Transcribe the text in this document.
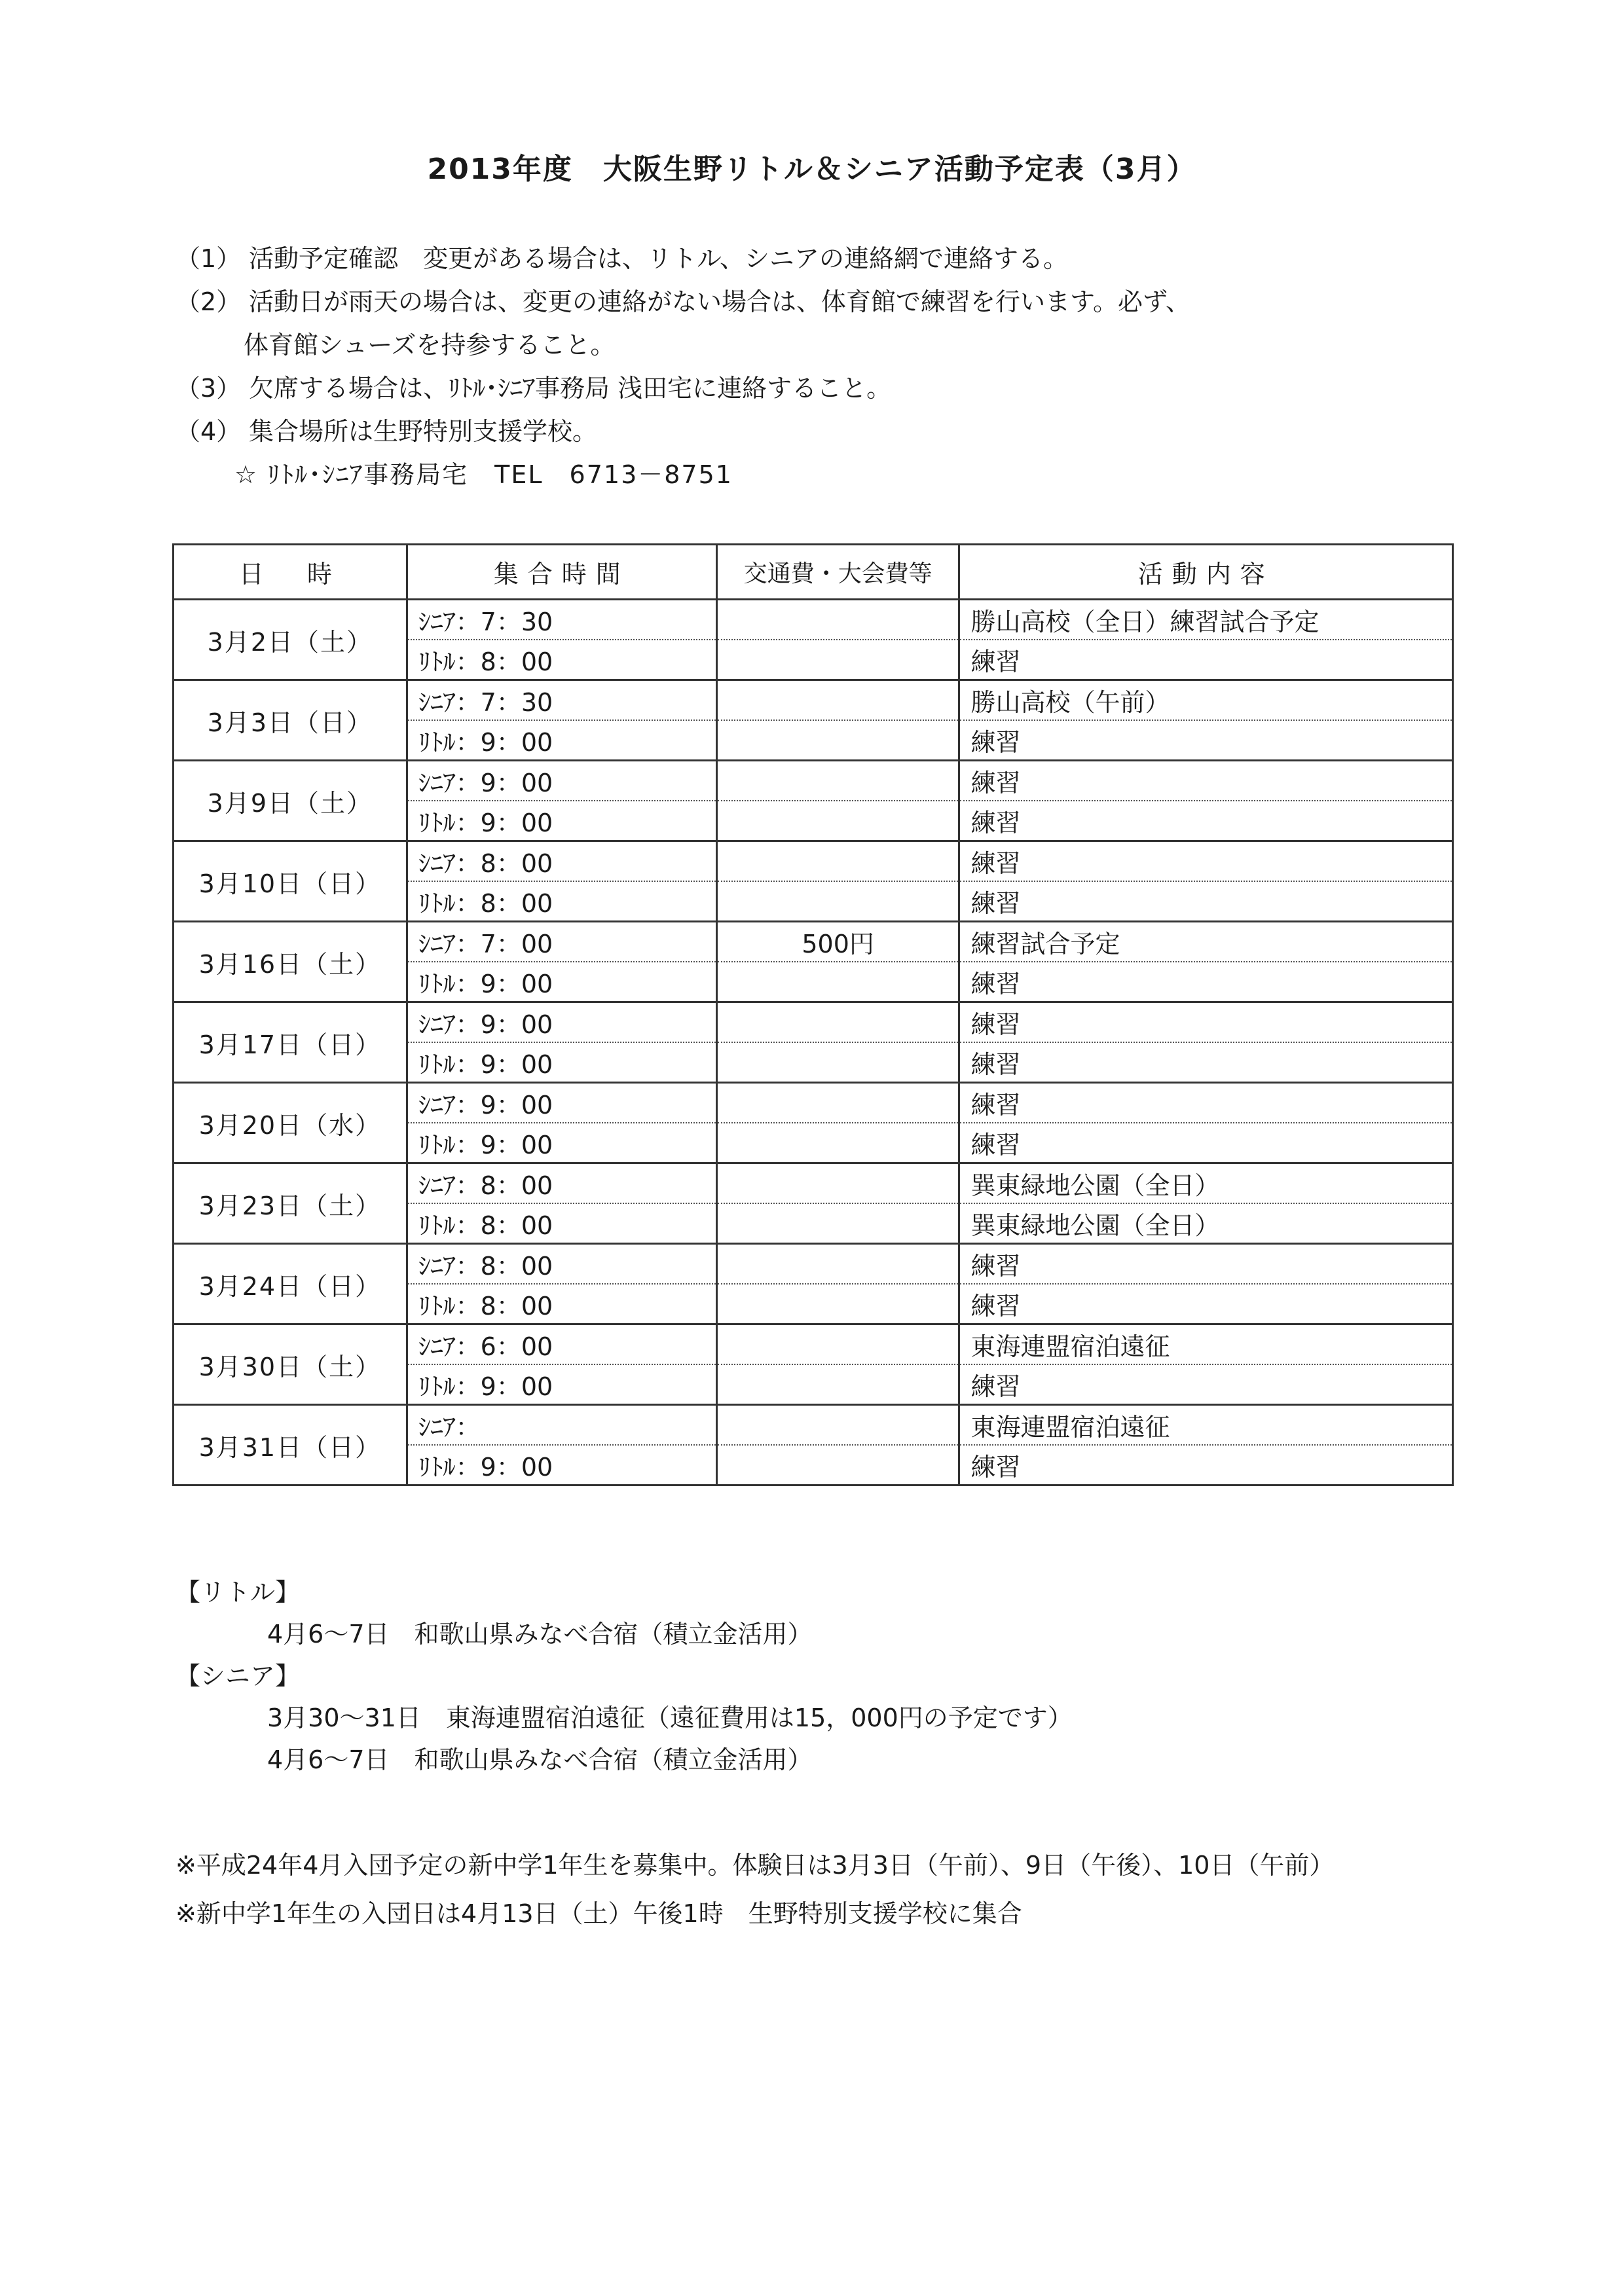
2013年度　大阪生野リトル＆シニア活動予定表（3月）
（1） 活動予定確認　変更がある場合は、リトル、シニアの連絡網で連絡する。
（2） 活動日が雨天の場合は、変更の連絡がない場合は、体育館で練習を行います。必ず、
体育館シューズを持参すること。
（3） 欠席する場合は、ﾘﾄﾙ･ｼﾆｱ事務局 浅田宅に連絡すること。
（4） 集合場所は生野特別支援学校。
☆ ﾘﾄﾙ･ｼﾆｱ事務局宅　TEL　6713－8751
日　時	集合時間	交通費・大会費等	活動内容
3月2日（土）	ｼﾆｱ：7：30		勝山高校（全日）練習試合予定
	ﾘﾄﾙ：8：00		練習
3月3日（日）	ｼﾆｱ：7：30		勝山高校（午前）
	ﾘﾄﾙ：9：00		練習
3月9日（土）	ｼﾆｱ：9：00		練習
	ﾘﾄﾙ：9：00		練習
3月10日（日）	ｼﾆｱ：8：00		練習
	ﾘﾄﾙ：8：00		練習
3月16日（土）	ｼﾆｱ：7：00	500円	練習試合予定
	ﾘﾄﾙ：9：00		練習
3月17日（日）	ｼﾆｱ：9：00		練習
	ﾘﾄﾙ：9：00		練習
3月20日（水）	ｼﾆｱ：9：00		練習
	ﾘﾄﾙ：9：00		練習
3月23日（土）	ｼﾆｱ：8：00		巽東緑地公園（全日）
	ﾘﾄﾙ：8：00		巽東緑地公園（全日）
3月24日（日）	ｼﾆｱ：8：00		練習
	ﾘﾄﾙ：8：00		練習
3月30日（土）	ｼﾆｱ：6：00		東海連盟宿泊遠征
	ﾘﾄﾙ：9：00		練習
3月31日（日）	ｼﾆｱ：		東海連盟宿泊遠征
	ﾘﾄﾙ：9：00		練習
【リトル】
4月6～7日　和歌山県みなべ合宿（積立金活用）
【シニア】
3月30～31日　東海連盟宿泊遠征（遠征費用は15，000円の予定です）
4月6～7日　和歌山県みなべ合宿（積立金活用）
※平成24年4月入団予定の新中学1年生を募集中。体験日は3月3日（午前）、9日（午後）、10日（午前）
※新中学1年生の入団日は4月13日（土）午後1時　生野特別支援学校に集合
